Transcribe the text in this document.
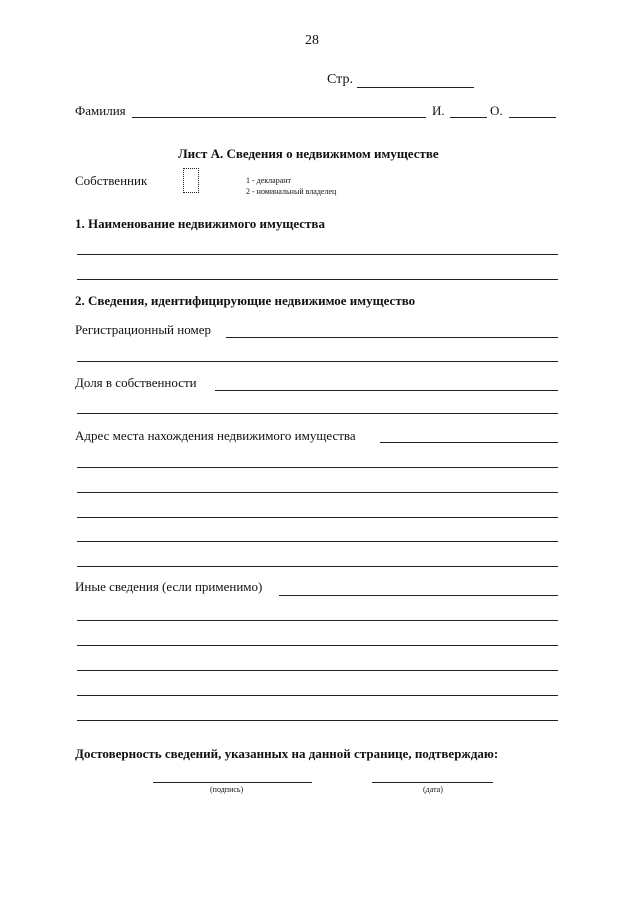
28
Стр.
Фамилия	И.	О.
Лист А. Сведения о недвижимом имуществе
Собственник	1 - декларант
2 - номинальный владелец
1. Наименование недвижимого имущества
2. Сведения, идентифицирующие недвижимое имущество
Регистрационный номер
Доля в собственности
Адрес места нахождения недвижимого имущества
Иные сведения (если применимо)
Достоверность сведений, указанных на данной странице, подтверждаю:
(подпись)	(дата)
